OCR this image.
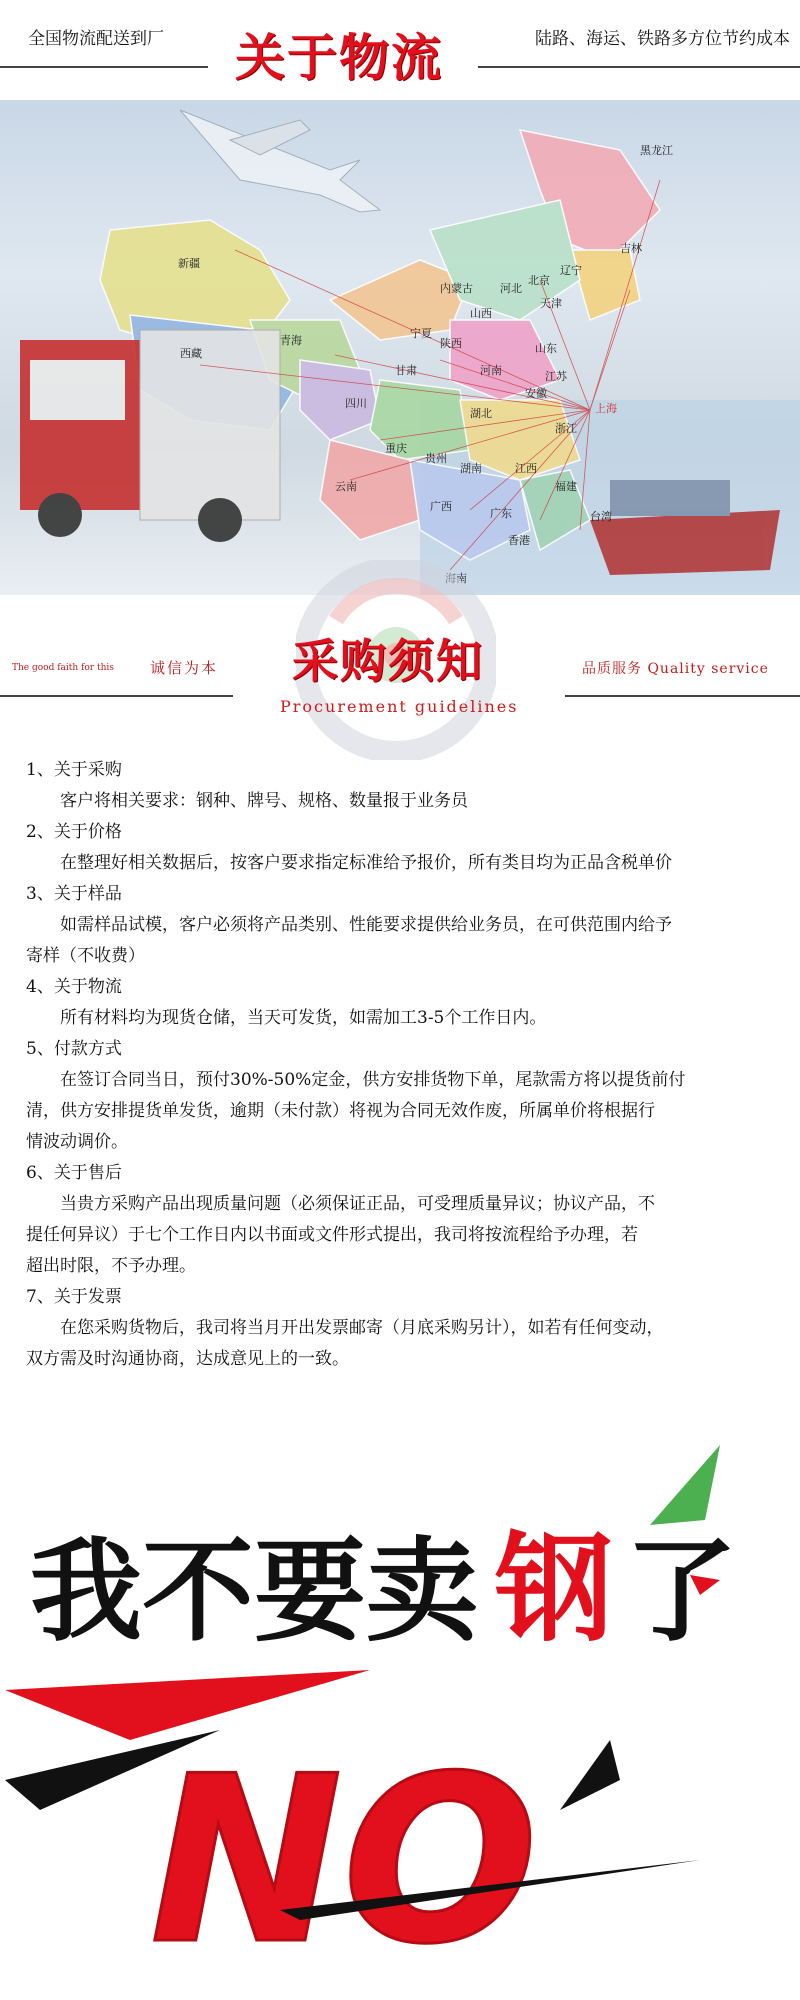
全国物流配送到厂 关于物流	陆路、海运、铁路多方位节约成本
黑龙江
吉林
辽宁
内蒙古
北京
天津
河北
山西
新疆
西藏
青海
甘肃
宁夏
陕西	山东
河南	江苏
安徽
四川
湖北	上海
浙江
重庆
湖南
贵州
江西
云南	福建
广西
广东	台湾
香港
海南
The good faith for this 诚信为本 采购须知	品质服务 Quality service
Procurement guidelines
1、关于采购
客户将相关要求：钢种、牌号、规格、数量报于业务员
2、关于价格
在整理好相关数据后，按客户要求指定标准给予报价，所有类目均为正品含税单价
3、关于样品
如需样品试模，客户必须将产品类别、性能要求提供给业务员，在可供范围内给予
寄样（不收费）
4、关于物流
所有材料均为现货仓储，当天可发货，如需加工3-5个工作日内。
5、付款方式
在签订合同当日，预付30%-50%定金，供方安排货物下单，尾款需方将以提货前付
清，供方安排提货单发货，逾期（未付款）将视为合同无效作废，所属单价将根据行
情波动调价。
6、关于售后
当贵方采购产品出现质量问题（必须保证正品，可受理质量异议；协议产品，不
提任何异议）于七个工作日内以书面或文件形式提出，我司将按流程给予办理，若
超出时限，不予办理。
7、关于发票
在您采购货物后，我司将当月开出发票邮寄（月底采购另计），如若有任何变动，
双方需及时沟通协商，达成意见上的一致。
我不要卖 钢 了
NO
